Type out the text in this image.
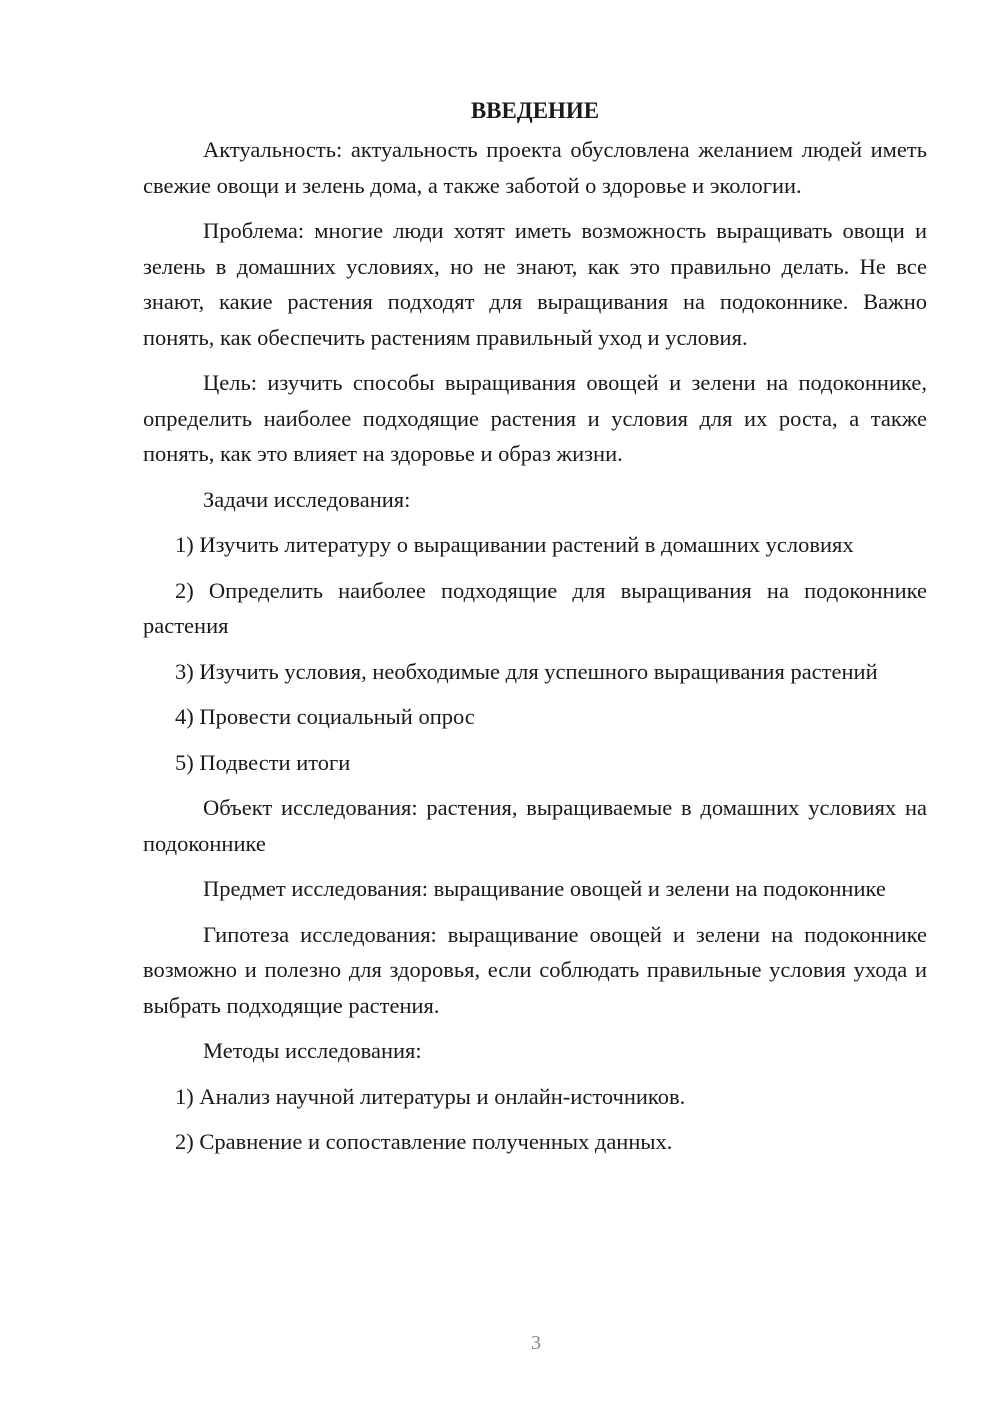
ВВЕДЕНИЕ

Актуальность: актуальность проекта обусловлена желанием людей иметь свежие овощи и зелень дома, а также заботой о здоровье и экологии.

Проблема: многие люди хотят иметь возможность выращивать овощи и зелень в домашних условиях, но не знают, как это правильно делать. Не все знают, какие растения подходят для выращивания на подоконнике. Важно понять, как обеспечить растениям правильный уход и условия.

Цель: изучить способы выращивания овощей и зелени на подоконнике, определить наиболее подходящие растения и условия для их роста, а также понять, как это влияет на здоровье и образ жизни.

Задачи исследования:

1) Изучить литературу о выращивании растений в домашних условиях

2) Определить наиболее подходящие для выращивания на подоконнике растения

3) Изучить условия, необходимые для успешного выращивания растений

4) Провести социальный опрос

5) Подвести итоги

Объект исследования: растения, выращиваемые в домашних условиях на подоконнике

Предмет исследования: выращивание овощей и зелени на подоконнике

Гипотеза исследования: выращивание овощей и зелени на подоконнике возможно и полезно для здоровья, если соблюдать правильные условия ухода и выбрать подходящие растения.

Методы исследования:

1) Анализ научной литературы и онлайн-источников.

2) Сравнение и сопоставление полученных данных.

3
